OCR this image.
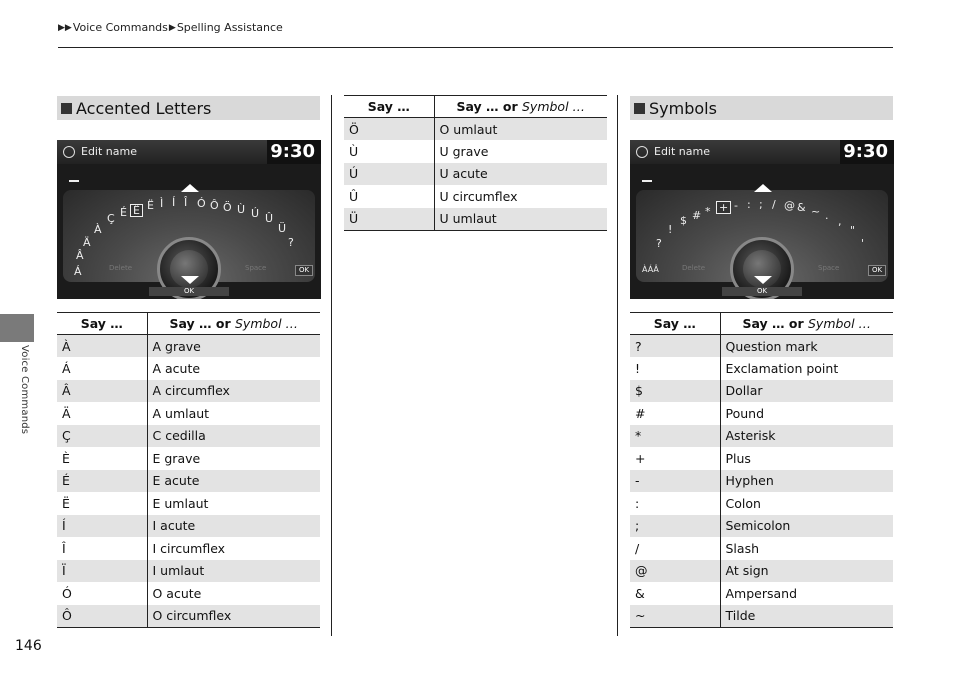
▶▶ Voice Commands ▶ Spelling Assistance
Voice Commands
146
Accented Letters
Edit name	9:30
Delete	Space	OK
OK
Á
Â
Ä
À
Ç É Ê Ë Ì Í Î Ó Ô Ö Ù Ú Û
Ü
?
Say …	Say … or Symbol …
À	A grave
Á	A acute
Â	A circumflex
Ä	A umlaut
Ç	C cedilla
È	E grave
É	E acute
Ë	E umlaut
Í	I acute
Î	I circumflex
Ï	I umlaut
Ó	O acute
Ô	O circumflex
Say …	Say … or Symbol …
Ö	O umlaut
Ù	U grave
Ú	U acute
Û	U circumflex
Ü	U umlaut
Symbols
Edit name	9:30
ÀÁÂ	Delete	Space	OK
OK
?
!
$ # * + - : ; / @ & ~ . ,
"
'
Say …	Say … or Symbol …
?	Question mark
!	Exclamation point
$	Dollar
#	Pound
*	Asterisk
+	Plus
-	Hyphen
:	Colon
;	Semicolon
/	Slash
@	At sign
&	Ampersand
~	Tilde
